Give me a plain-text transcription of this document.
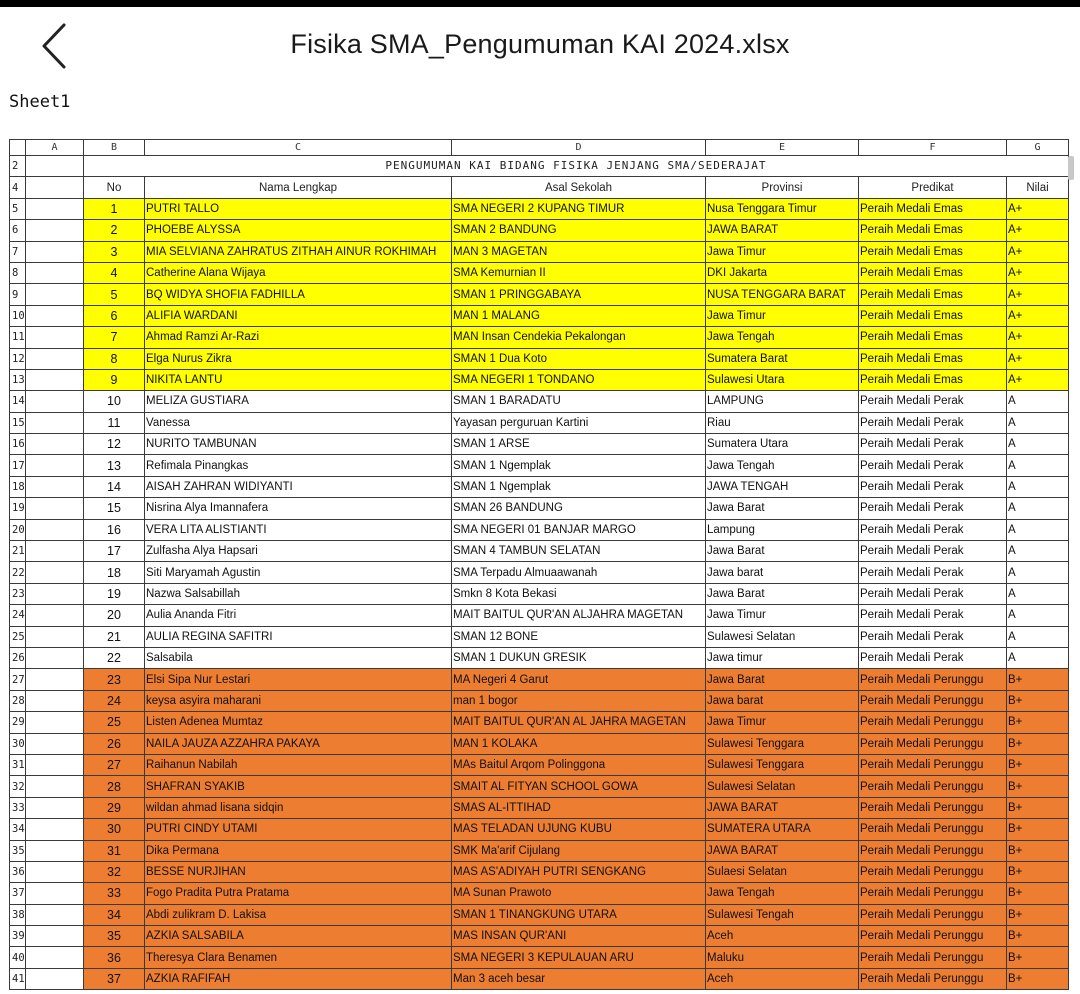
Fisika SMA_Pengumuman KAI 2024.xlsx
Sheet1
	A	B	C	D	E	F	G
2		PENGUMUMAN KAI BIDANG FISIKA JENJANG SMA/SEDERAJAT					
4		No	Nama Lengkap	Asal Sekolah	Provinsi	Predikat	Nilai
5		1	PUTRI TALLO	SMA NEGERI 2 KUPANG TIMUR	Nusa Tenggara Timur	Peraih Medali Emas	A+
6		2	PHOEBE ALYSSA	SMAN 2 BANDUNG	JAWA BARAT	Peraih Medali Emas	A+
7		3	MIA SELVIANA ZAHRATUS ZITHAH AINUR ROKHIMAH	MAN 3 MAGETAN	Jawa Timur	Peraih Medali Emas	A+
8		4	Catherine Alana Wijaya	SMA Kemurnian II	DKI Jakarta	Peraih Medali Emas	A+
9		5	BQ WIDYA SHOFIA FADHILLA	SMAN 1 PRINGGABAYA	NUSA TENGGARA BARAT	Peraih Medali Emas	A+
10		6	ALIFIA WARDANI	MAN 1 MALANG	Jawa Timur	Peraih Medali Emas	A+
11		7	Ahmad Ramzi Ar-Razi	MAN Insan Cendekia Pekalongan	Jawa Tengah	Peraih Medali Emas	A+
12		8	Elga Nurus Zikra	SMAN 1 Dua Koto	Sumatera Barat	Peraih Medali Emas	A+
13		9	NIKITA LANTU	SMA NEGERI 1 TONDANO	Sulawesi Utara	Peraih Medali Emas	A+
14		10	MELIZA GUSTIARA	SMAN 1 BARADATU	LAMPUNG	Peraih Medali Perak	A
15		11	Vanessa	Yayasan perguruan Kartini	Riau	Peraih Medali Perak	A
16		12	NURITO TAMBUNAN	SMAN 1 ARSE	Sumatera Utara	Peraih Medali Perak	A
17		13	Refimala Pinangkas	SMAN 1 Ngemplak	Jawa Tengah	Peraih Medali Perak	A
18		14	AISAH ZAHRAN WIDIYANTI	SMAN 1 Ngemplak	JAWA TENGAH	Peraih Medali Perak	A
19		15	Nisrina Alya Imannafera	SMAN 26 BANDUNG	Jawa Barat	Peraih Medali Perak	A
20		16	VERA LITA ALISTIANTI	SMA NEGERI 01 BANJAR MARGO	Lampung	Peraih Medali Perak	A
21		17	Zulfasha Alya Hapsari	SMAN 4 TAMBUN SELATAN	Jawa Barat	Peraih Medali Perak	A
22		18	Siti Maryamah Agustin	SMA Terpadu Almuaawanah	Jawa barat	Peraih Medali Perak	A
23		19	Nazwa Salsabillah	Smkn 8 Kota Bekasi	Jawa Barat	Peraih Medali Perak	A
24		20	Aulia Ananda Fitri	MAIT BAITUL QUR'AN ALJAHRA MAGETAN	Jawa Timur	Peraih Medali Perak	A
25		21	AULIA REGINA SAFITRI	SMAN 12 BONE	Sulawesi Selatan	Peraih Medali Perak	A
26		22	Salsabila	SMAN 1 DUKUN GRESIK	Jawa timur	Peraih Medali Perak	A
27		23	Elsi Sipa Nur Lestari	MA Negeri 4 Garut	Jawa Barat	Peraih Medali Perunggu	B+
28		24	keysa asyira maharani	man 1 bogor	Jawa barat	Peraih Medali Perunggu	B+
29		25	Listen Adenea Mumtaz	MAIT BAITUL QUR'AN AL JAHRA MAGETAN	Jawa Timur	Peraih Medali Perunggu	B+
30		26	NAILA JAUZA AZZAHRA PAKAYA	MAN 1 KOLAKA	Sulawesi Tenggara	Peraih Medali Perunggu	B+
31		27	Raihanun Nabilah	MAs Baitul Arqom Polinggona	Sulawesi Tenggara	Peraih Medali Perunggu	B+
32		28	SHAFRAN SYAKIB	SMAIT AL FITYAN SCHOOL GOWA	Sulawesi Selatan	Peraih Medali Perunggu	B+
33		29	wildan ahmad lisana sidqin	SMAS AL-ITTIHAD	JAWA BARAT	Peraih Medali Perunggu	B+
34		30	PUTRI CINDY UTAMI	MAS TELADAN UJUNG KUBU	SUMATERA UTARA	Peraih Medali Perunggu	B+
35		31	Dika Permana	SMK Ma'arif Cijulang	JAWA BARAT	Peraih Medali Perunggu	B+
36		32	BESSE NURJIHAN	MAS AS'ADIYAH PUTRI SENGKANG	Sulaesi Selatan	Peraih Medali Perunggu	B+
37		33	Fogo Pradita Putra Pratama	MA Sunan Prawoto	Jawa Tengah	Peraih Medali Perunggu	B+
38		34	Abdi zulikram D. Lakisa	SMAN 1 TINANGKUNG UTARA	Sulawesi Tengah	Peraih Medali Perunggu	B+
39		35	AZKIA SALSABILA	MAS INSAN QUR'ANI	Aceh	Peraih Medali Perunggu	B+
40		36	Theresya Clara Benamen	SMA NEGERI 3 KEPULAUAN ARU	Maluku	Peraih Medali Perunggu	B+
41		37	AZKIA RAFIFAH	Man 3 aceh besar	Aceh	Peraih Medali Perunggu	B+
